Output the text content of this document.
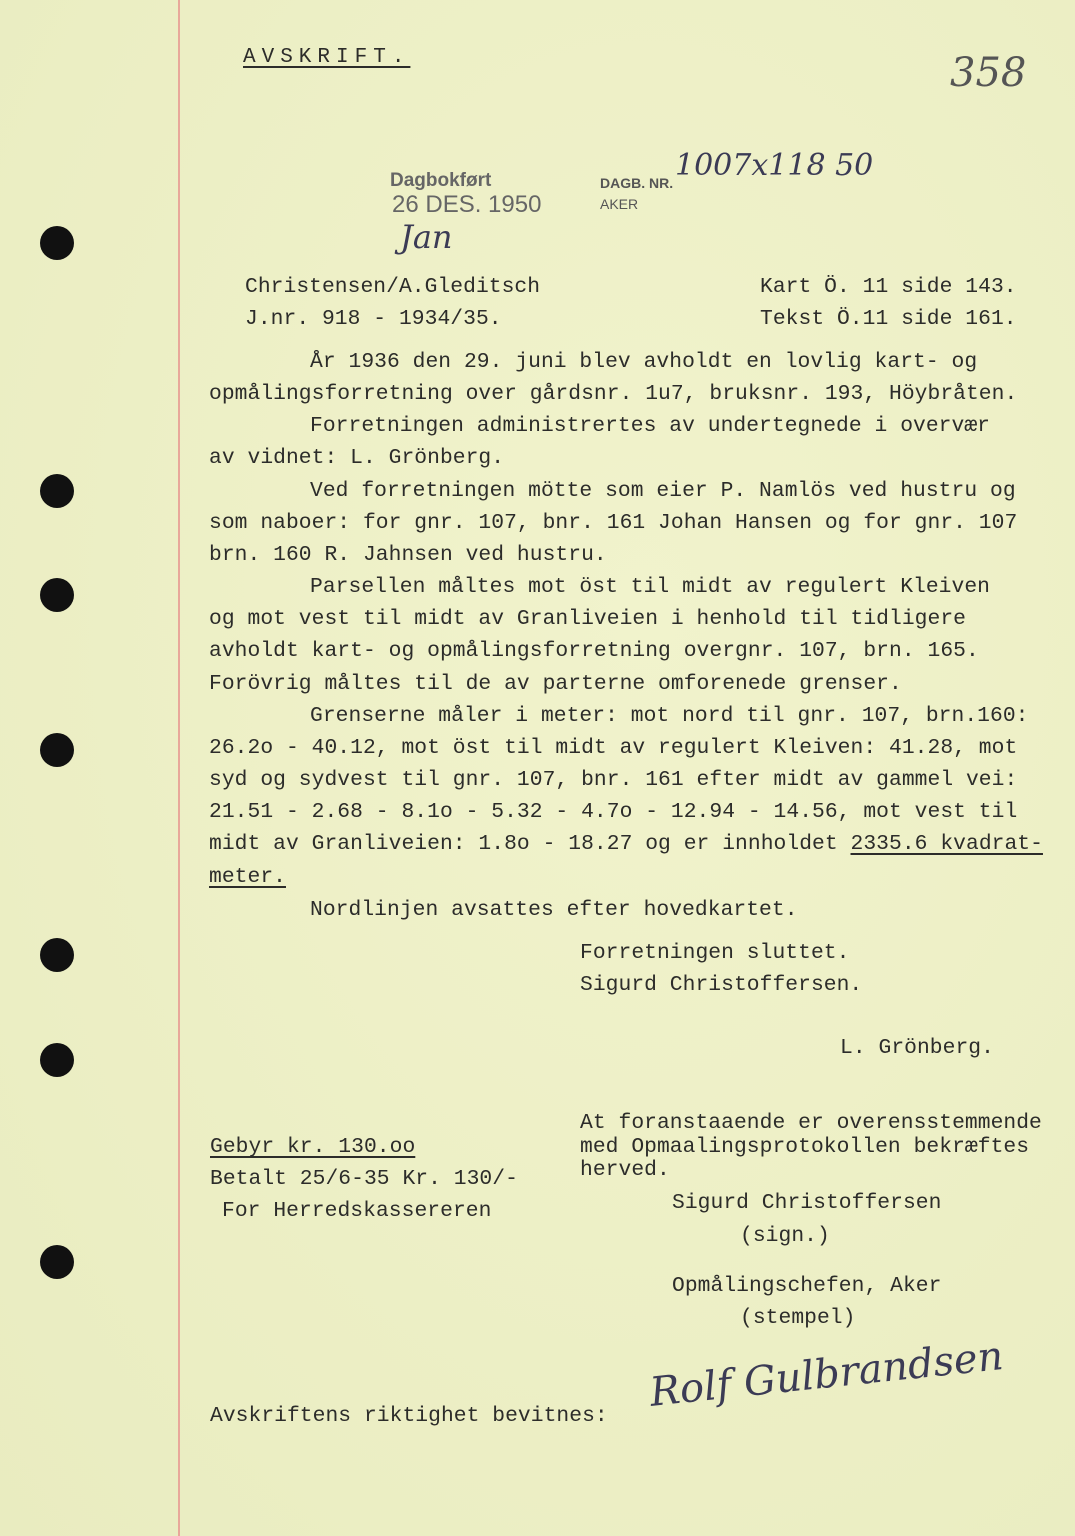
AVSKRIFT.	358
Dagbokført
26 DES. 1950
Jan
DAGB. NR. 1007x118 50
AKER
Christensen/A.Gleditsch
J.nr. 918 - 1934/35.
Kart Ö. 11 side 143.
Tekst Ö.11 side 161.
År 1936 den 29. juni blev avholdt en lovlig kart- og
opmålingsforretning over gårdsnr. 1u7, bruksnr. 193, Höybråten.
Forretningen administrertes av undertegnede i overvær
av vidnet: L. Grönberg.
Ved forretningen mötte som eier P. Namlös ved hustru og
som naboer: for gnr. 107, bnr. 161 Johan Hansen og for gnr. 107
brn. 160 R. Jahnsen ved hustru.
Parsellen måltes mot öst til midt av regulert Kleiven
og mot vest til midt av Granliveien i henhold til tidligere
avholdt kart- og opmålingsforretning overgnr. 107, brn. 165.
Forövrig måltes til de av parterne omforenede grenser.
Grenserne måler i meter: mot nord til gnr. 107, brn.160:
26.2o - 40.12, mot öst til midt av regulert Kleiven: 41.28, mot
syd og sydvest til gnr. 107, bnr. 161 efter midt av gammel vei:
21.51 - 2.68 - 8.1o - 5.32 - 4.7o - 12.94 - 14.56, mot vest til
midt av Granliveien: 1.8o - 18.27 og er innholdet 2335.6 kvadrat-
meter.
Nordlinjen avsattes efter hovedkartet.
Forretningen sluttet.
Sigurd Christoffersen.
L. Grönberg.
Gebyr kr. 130.oo
Betalt 25/6-35 Kr. 130/-
For Herredskassereren
At foranstaaende er overensstemmende
med Opmaalingsprotokollen bekræftes
herved.
Sigurd Christoffersen
(sign.)
Opmålingschefen, Aker
(stempel)
Avskriftens riktighet bevitnes:
Rolf Gulbrandsen
